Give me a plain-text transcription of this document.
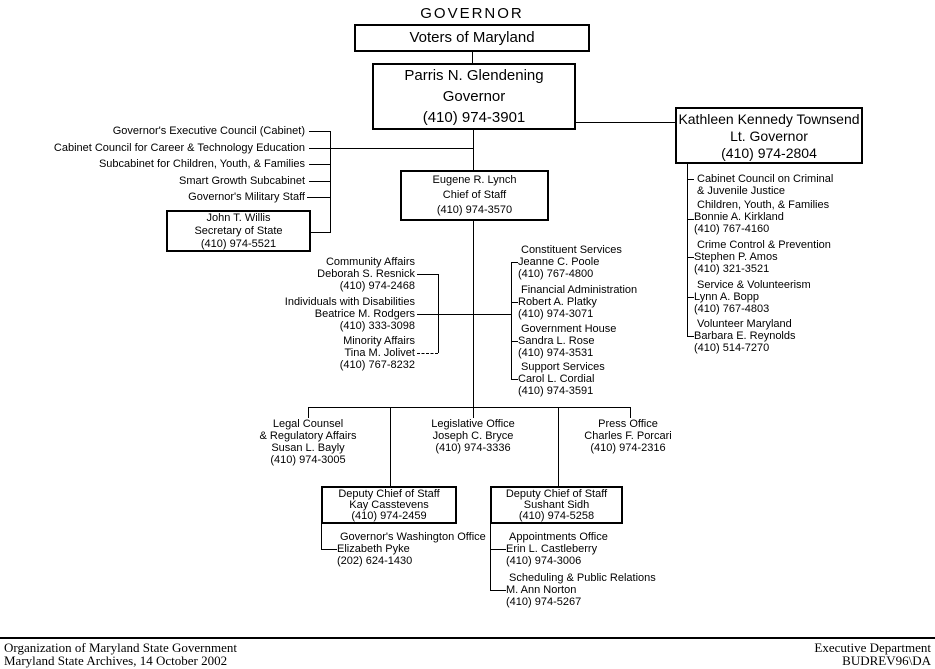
GOVERNOR
Voters of Maryland
Parris N. Glendening
Governor
(410) 974-3901	Kathleen Kennedy Townsend
Lt. Governor
(410) 974-2804
Eugene R. Lynch
Chief of Staff
(410) 974-3570
John T. Willis
Secretary of State
(410) 974-5521
Governor's Executive Council (Cabinet)
Cabinet Council for Career & Technology Education
Subcabinet for Children, Youth, & Families
Smart Growth Subcabinet
Governor's Military Staff
Community Affairs
Deborah S. Resnick
(410) 974-2468
Individuals with Disabilities
Beatrice M. Rodgers
(410) 333-3098
Minority Affairs
Tina M. Jolivet
(410) 767-8232
Constituent Services
Jeanne C. Poole
(410) 767-4800
Financial Administration
Robert A. Platky
(410) 974-3071
Government House
Sandra L. Rose
(410) 974-3531
Support Services
Carol L. Cordial
(410) 974-3591
Cabinet Council on Criminal
& Juvenile Justice
Children, Youth, & Families
Bonnie A. Kirkland
(410) 767-4160
Crime Control & Prevention
Stephen P. Amos
(410) 321-3521
Service & Volunteerism
Lynn A. Bopp
(410) 767-4803
Volunteer Maryland
Barbara E. Reynolds
(410) 514-7270
Legal Counsel
& Regulatory Affairs
Susan L. Bayly
(410) 974-3005
Legislative Office
Joseph C. Bryce
(410) 974-3336
Press Office
Charles F. Porcari
(410) 974-2316
Deputy Chief of Staff
Kay Casstevens
(410) 974-2459
Deputy Chief of Staff
Sushant Sidh
(410) 974-5258
Governor's Washington Office
Elizabeth Pyke
(202) 624-1430
Appointments Office
Erin L. Castleberry
(410) 974-3006
Scheduling & Public Relations
M. Ann Norton
(410) 974-5267
Organization of Maryland State Government
Maryland State Archives, 14 October 2002
Executive Department
BUDREV96\DA
